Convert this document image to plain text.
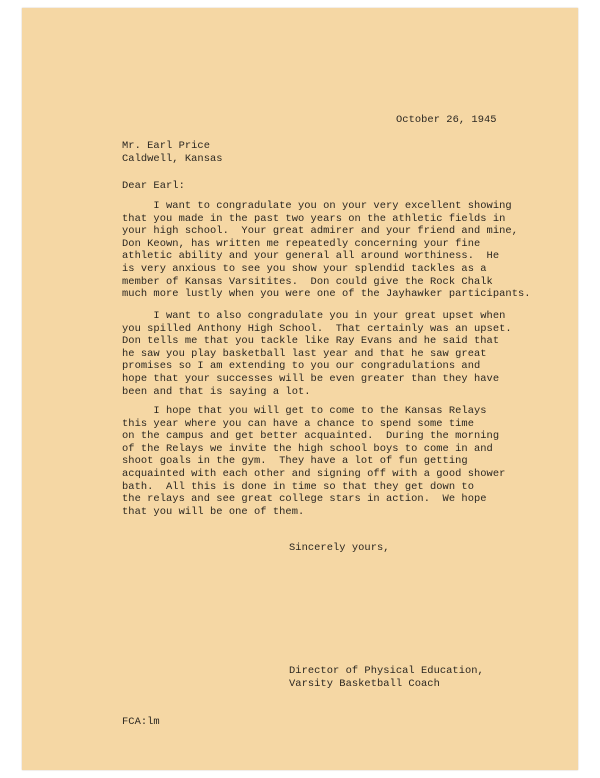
October 26, 1945
Mr. Earl Price
Caldwell, Kansas
Dear Earl:
I want to congradulate you on your very excellent showing
that you made in the past two years on the athletic fields in
your high school.  Your great admirer and your friend and mine,
Don Keown, has written me repeatedly concerning your fine
athletic ability and your general all around worthiness.  He
is very anxious to see you show your splendid tackles as a
member of Kansas Varsitites.  Don could give the Rock Chalk
much more lustly when you were one of the Jayhawker participants.
I want to also congradulate you in your great upset when
you spilled Anthony High School.  That certainly was an upset.
Don tells me that you tackle like Ray Evans and he said that
he saw you play basketball last year and that he saw great
promises so I am extending to you our congradulations and
hope that your successes will be even greater than they have
been and that is saying a lot.
I hope that you will get to come to the Kansas Relays
this year where you can have a chance to spend some time
on the campus and get better acquainted.  During the morning
of the Relays we invite the high school boys to come in and
shoot goals in the gym.  They have a lot of fun getting
acquainted with each other and signing off with a good shower
bath.  All this is done in time so that they get down to
the relays and see great college stars in action.  We hope
that you will be one of them.
Sincerely yours,
Director of Physical Education,
Varsity Basketball Coach
FCA:lm
